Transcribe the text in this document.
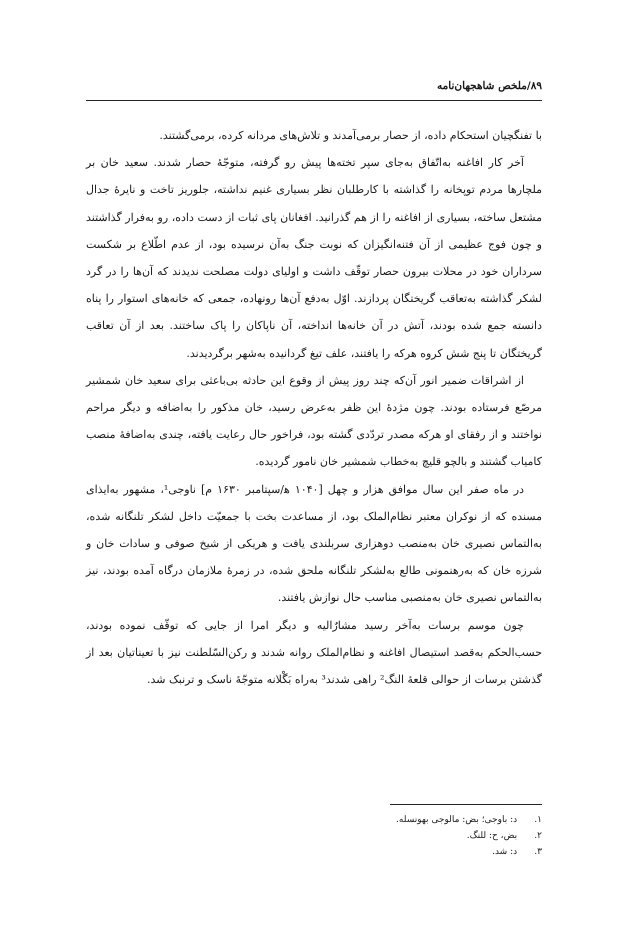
۸۹/ملخص شاهجهان‌نامه

با تفنگچیان استحکام داده، از حصار برمی‌آمدند و تلاش‌های مردانه کرده، برمی‌گشتند.

آخر کار افاغنه به‌اتّفاق به‌جای سپر تخته‌ها پیش رو گرفته، متوجّهٔ حصار شدند. سعید خان بر ملچارها مردم توپخانه را گذاشته با کارطلبان نظر بسیاری غنیم نداشته، جلوریز تاخت و نایرهٔ جدال مشتعل ساخته، بسیاری از افاغنه را از هم گذرانید. افغانان پای ثبات از دست داده، رو به‌فرار گذاشتند و چون فوج عظیمی از آن فتنه‌انگیزان که نوبت جنگ به‌آن نرسیده بود، از عدم اطّلاع بر شکست سرداران خود در محلات بیرون حصار توقّف داشت و اولیای دولت مصلحت ندیدند که آن‌ها را در گرد لشکر گذاشته به‌تعاقب گریختگان پردازند. اوّل به‌دفع آن‌ها رونهاده، جمعی که خانه‌های استوار را پناه دانسته جمع شده بودند، آتش در آن خانه‌ها انداخته، آن ناپاکان را پاک ساختند. بعد از آن تعاقب گریختگان تا پنج شش کروه هرکه را یافتند، علف تیغ گردانیده به‌شهر برگردیدند.

از اشراقات ضمیر انور آن‌که چند روز پیش از وقوع این حادثه بی‌باعثی برای سعید خان شمشیر مرصّع فرستاده بودند. چون مژدهٔ این ظفر به‌عرض رسید، خان مذکور را به‌اضافه و دیگر مراحم نواختند و از رفقای او هرکه مصدر تردّدی گشته بود، فراخور حال رعایت یافته، چندی به‌اضافهٔ منصب کامیاب گشتند و بالچو قلیچ به‌خطاب شمشیر خان نامور گردیده.

در ماه صفر این سال موافق هزار و چهل [۱۰۴۰ ه‍/سپتامبر ۱۶۳۰ م] ناوجی¹، مشهور به‌ایذای مسنده که از نوکران معتبر نظام‌الملک بود، از مساعدت بخت با جمعیّت داخل لشکر تلنگانه شده، به‌التماس نصیری خان به‌منصب دوهزاری سربلندی یافت و هریکی از شیخ صوفی و سادات خان و شرزه خان که به‌رهنمونی طالع به‌لشکر تلنگانه ملحق شده، در زمرهٔ ملازمان درگاه آمده بودند، نیز به‌التماس نصیری خان به‌منصبی مناسب حال نوازش یافتند.

چون موسم برسات به‌آخر رسید مشارٌالیه و دیگر امرا از جایی که توقّف نموده بودند، حسب‌الحکم به‌قصد استیصال افاغنه و نظام‌الملک روانه شدند و رکن‌السّلطنت نیز با تعیناتیان بعد از گذشتن برسات از حوالی قلعهٔ النگ² راهی شدند³ به‌راه بَگْلانه متوجّهٔ ناسک و ترنبک شد.

۱. د: باوجی؛ بض: مالوجی بهونسله.
۲. بض، ح: للنگ.
۳. د: شد.
